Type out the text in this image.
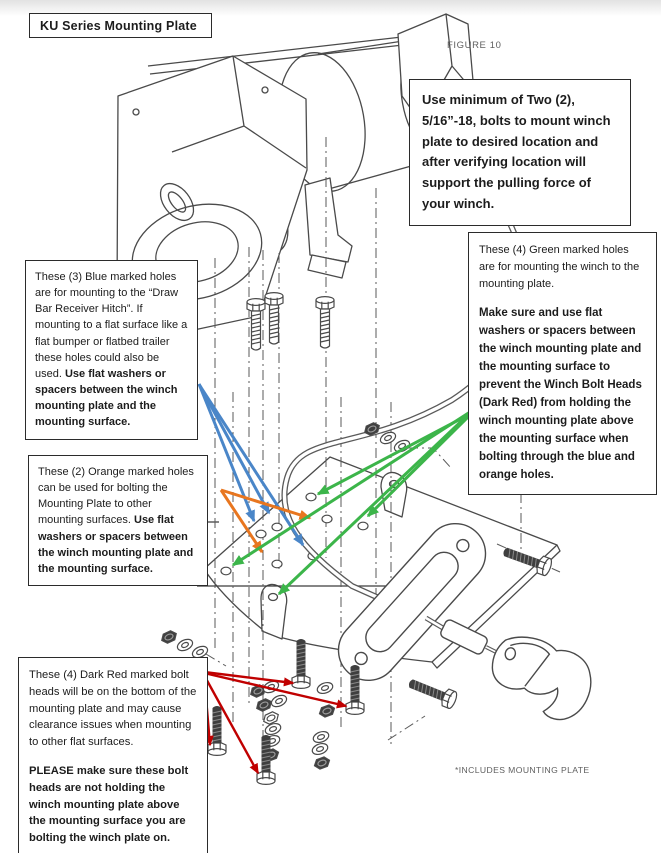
KU Series Mounting Plate
FIGURE 10
Use minimum of Two (2), 5/16”-18, bolts to mount winch plate to desired location and after verifying location will support the pulling force of your winch.
These (3) Blue marked holes are for mounting to the “Draw Bar Receiver Hitch”. If mounting to a flat surface like a flat bumper or flatbed trailer these holes could also be used. Use flat washers or spacers between the winch mounting plate and the mounting surface.

These (4) Green marked holes are for mounting the winch to the mounting plate.

Make sure and use flat washers or spacers between the winch mounting plate and the mounting surface to prevent the Winch Bolt Heads (Dark Red) from holding the winch mounting plate above the mounting surface when bolting through the blue and orange holes.

These (2) Orange marked holes can be used for bolting the Mounting Plate to other mounting surfaces. Use flat washers or spacers between the winch mounting plate and the mounting surface.

These (4) Dark Red marked bolt heads will be on the bottom of the mounting plate and may cause clearance issues when mounting to other flat surfaces.

PLEASE make sure these bolt heads are not holding the winch mounting plate above the mounting surface you are bolting the winch plate on.

*INCLUDES MOUNTING PLATE
